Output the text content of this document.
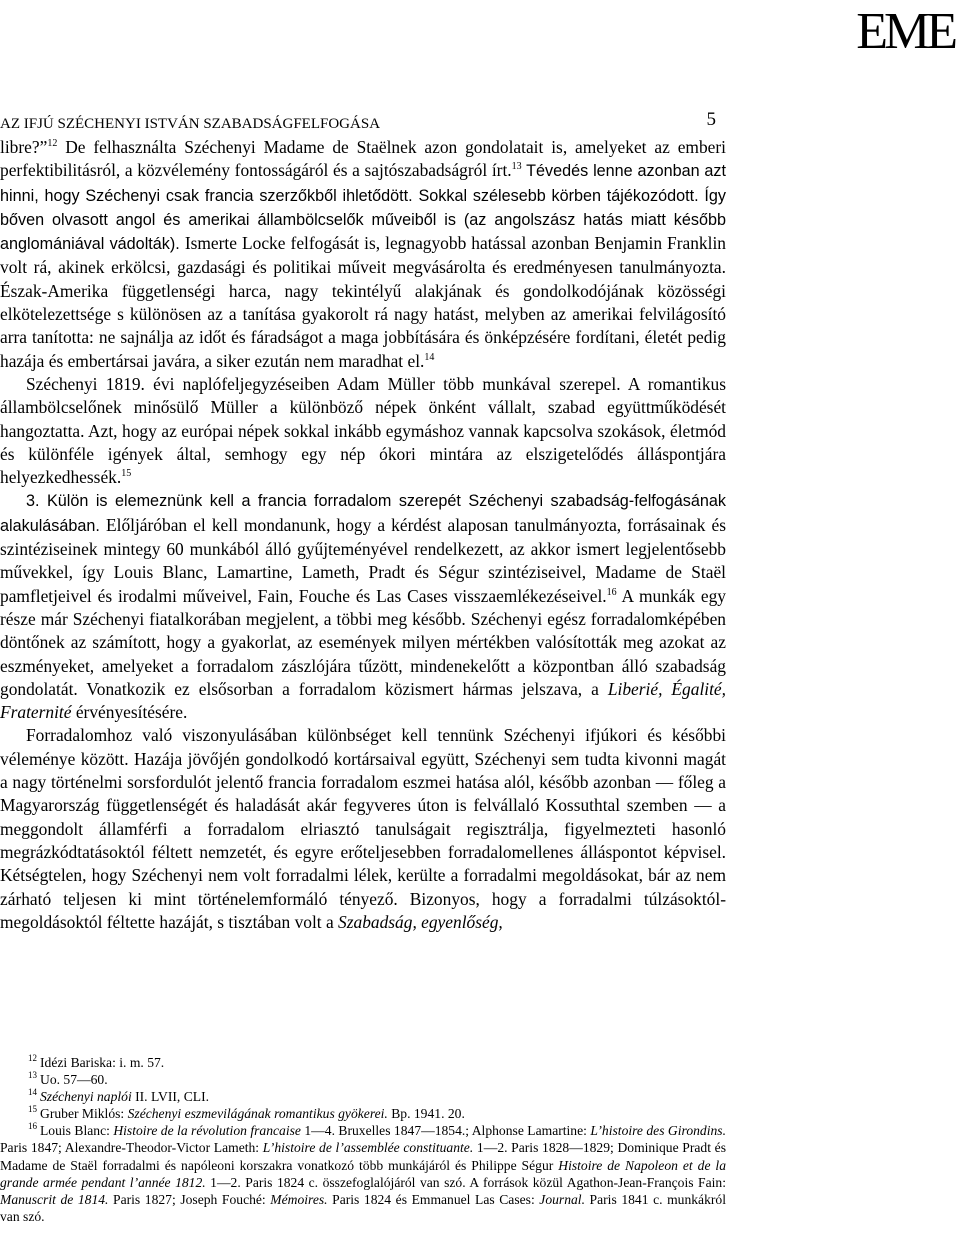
EME
AZ IFJÚ SZÉCHENYI ISTVÁN SZABADSÁGFELFOGÁSA	5

libre?”$^{12}$ De felhasználta Széchenyi Madame de Staëlnek azon gondolatait is, amelyeket az emberi perfektibilitásról, a közvélemény fontosságáról és a sajtószabadságról írt.$^{13}$ Tévedés lenne azonban azt hinni, hogy Széchenyi csak francia szerzőkből ihletődött. Sokkal szélesebb körben tájékozódott. Így bőven olvasott angol és amerikai állambölcselők műveiből is (az angolszász hatás miatt később anglomániával vádolták). Ismerte Locke felfogását is, legnagyobb hatással azonban Benjamin Franklin volt rá, akinek erkölcsi, gazdasági és politikai műveit megvásárolta és eredményesen tanulmányozta. Észak-Amerika függetlenségi harca, nagy tekintélyű alakjának és gondolkodójának közösségi elkötelezettsége s különösen az a tanítása gyakorolt rá nagy hatást, melyben az amerikai felvilágosító arra tanította: ne sajnálja az időt és fáradságot a maga jobbítására és önképzésére fordítani, életét pedig hazája és embertársai javára, a siker ezután nem maradhat el.$^{14}$

Széchenyi 1819. évi naplófeljegyzéseiben Adam Müller több munkával szerepel. A romantikus állambölcselőnek minősülő Müller a különböző népek önként vállalt, szabad együttműködését hangoztatta. Azt, hogy az európai népek sokkal inkább egymáshoz vannak kapcsolva szokások, életmód és különféle igények által, semhogy egy nép ókori mintára az elszigetelődés álláspontjára helyezkedhessék.$^{15}$

3. Külön is elemeznünk kell a francia forradalom szerepét Széchenyi szabadság-felfogásának alakulásában. Előljáróban el kell mondanunk, hogy a kérdést alaposan tanulmányozta, forrásainak és szintéziseinek mintegy 60 munkából álló gyűjteményével rendelkezett, az akkor ismert legjelentősebb művekkel, így Louis Blanc, Lamartine, Lameth, Pradt és Ségur szintéziseivel, Madame de Staël pamfletjeivel és irodalmi műveivel, Fain, Fouche és Las Cases visszaemlékezéseivel.$^{16}$ A munkák egy része már Széchenyi fiatalkorában megjelent, a többi meg később. Széchenyi egész forradalomképében döntőnek az számított, hogy a gyakorlat, az események milyen mértékben valósították meg azokat az eszményeket, amelyeket a forradalom zászlójára tűzött, mindenekelőtt a központban álló szabadság gondolatát. Vonatkozik ez elsősorban a forradalom közismert hármas jelszava, a Liberié, Égalité, Fraternité érvényesítésére.

Forradalomhoz való viszonyulásában különbséget kell tennünk Széchenyi ifjúkori és későbbi véleménye között. Hazája jövőjén gondolkodó kortársaival együtt, Széchenyi sem tudta kivonni magát a nagy történelmi sorsfordulót jelentő francia forradalom eszmei hatása alól, később azonban — főleg a Magyarország függetlenségét és haladását akár fegyveres úton is felvállaló Kossuthtal szemben — a meggondolt államférfi a forradalom elriasztó tanulságait regisztrálja, figyelmezteti hasonló megrázkódtatásoktól féltett nemzetét, és egyre erőteljesebben forradalomellenes álláspontot képvisel. Kétségtelen, hogy Széchenyi nem volt forradalmi lélek, kerülte a forradalmi megoldásokat, bár az nem zárható teljesen ki mint történelemformáló tényező. Bizonyos, hogy a forradalmi túlzásoktól-megoldásoktól féltette hazáját, s tisztában volt a Szabadság, egyenlőség,

$^{12}$ Idézi Bariska: i. m. 57.

$^{13}$ Uo. 57—60.

$^{14}$ Széchenyi naplói II. LVII, CLI.

$^{15}$ Gruber Miklós: Széchenyi eszmevilágának romantikus gyökerei. Bp. 1941. 20.

$^{16}$ Louis Blanc: Histoire de la révolution francaise 1—4. Bruxelles 1847—1854.; Alphonse Lamartine: L’histoire des Girondins. Paris 1847; Alexandre-Theodor-Victor Lameth: L’histoire de l’assemblée constituante. 1—2. Paris 1828—1829; Dominique Pradt és Madame de Staël forradalmi és napóleoni korszakra vonatkozó több munkájáról és Philippe Ségur Histoire de Napoleon et de la grande armée pendant l’année 1812. 1—2. Paris 1824 c. összefoglalójáról van szó. A források közül Agathon-Jean-François Fain: Manuscrit de 1814. Paris 1827; Joseph Fouché: Mémoires. Paris 1824 és Emmanuel Las Cases: Journal. Paris 1841 c. munkákról van szó.
